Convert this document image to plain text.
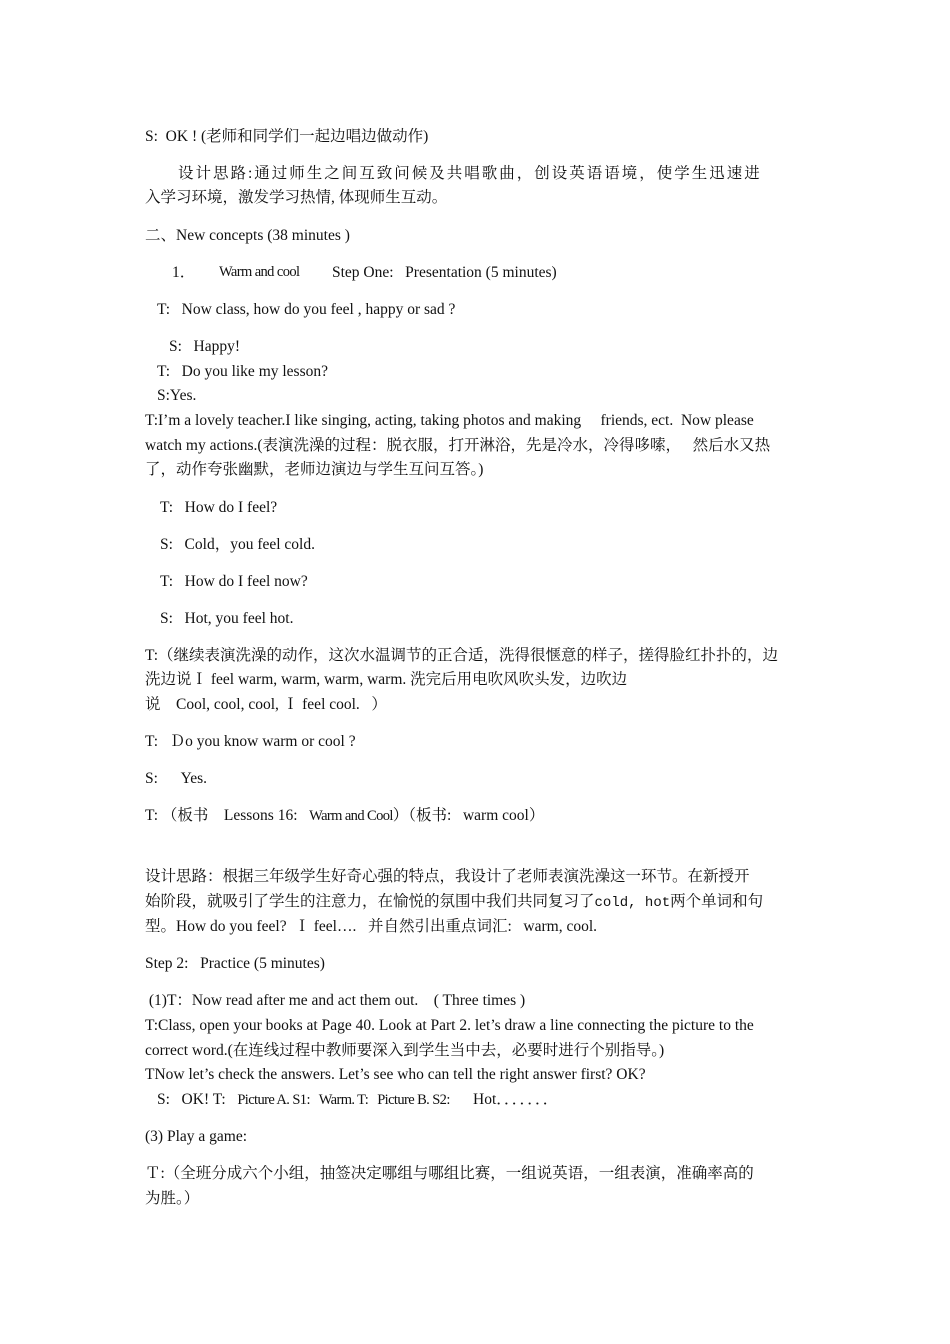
S:  OK ! (老师和同学们一起边唱边做动作)
设计思路:通过师生之间互致问候及共唱歌曲，创设英语语境，使学生迅速进
入学习环境，激发学习热情, 体现师生互动。
二、New concepts (38 minutes )
1． Warm and cool Step One:   Presentation (5 minutes)
T:   Now class, how do you feel , happy or sad ?
S:   Happy!
T:   Do you like my lesson?
S:Yes.
T:I’m a lovely teacher.I like singing, acting, taking photos and making     friends, ect.  Now please
watch my actions.(表演洗澡的过程：脱衣服，打开淋浴，先是冷水，冷得哆嗦，   然后水又热
了，动作夸张幽默，老师边演边与学生互问互答。)
T:   How do I feel?
S:   Cold，you feel cold.
T:   How do I feel now?
S:   Hot, you feel hot.
T:（继续表演洗澡的动作，这次水温调节的正合适，洗得很惬意的样子，搓得脸红扑扑的，边
洗边说Ｉ feel warm, warm, warm, warm. 洗完后用电吹风吹头发，边吹边
说    Cool, cool, cool, Ｉ feel cool.   ）
T:   Ｄo you know warm or cool ?
S:      Yes.
T: （板书    Lessons 16:   Warm and Cool）（板书:   warm cool）
设计思路：根据三年级学生好奇心强的特点，我设计了老师表演洗澡这一环节。在新授开
始阶段，就吸引了学生的注意力，在愉悦的氛围中我们共同复习了cold, hot两个单词和句
型。How do you feel?  Ｉ feel….   并自然引出重点词汇:   warm, cool.
Step 2:   Practice (5 minutes)
(1)T：Now read after me and act them out.    ( Three times )
T:Class, open your books at Page 40. Look at Part 2. let’s draw a line connecting the picture to the
correct word.(在连线过程中教师要深入到学生当中去，必要时进行个别指导。)
TNow let’s check the answers. Let’s see who can tell the right answer first? OK?
S:   OK! T:   Picture A. S1:   Warm. T:   Picture B. S2:      Hot．．．．．．．
(3) Play a game:
Ｔ:（全班分成六个小组，抽签决定哪组与哪组比赛，一组说英语，一组表演，准确率高的
为胜。）
